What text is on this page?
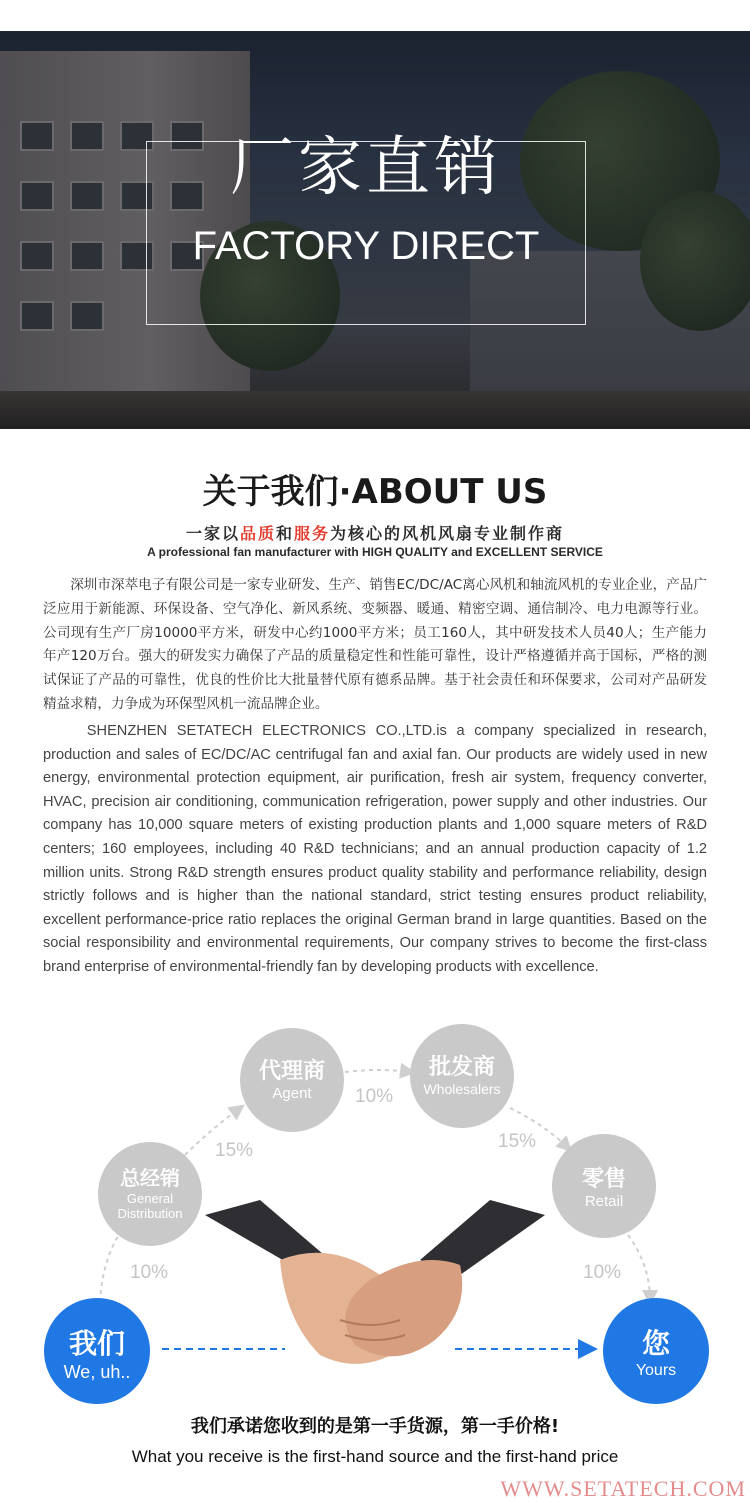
厂家直销
FACTORY DIRECT
关于我们·ABOUT US
一家以品质和服务为核心的风机风扇专业制作商
A professional fan manufacturer with HIGH QUALITY and EXCELLENT SERVICE

深圳市深萃电子有限公司是一家专业研发、生产、销售EC/DC/AC离心风机和轴流风机的专业企业，产品广泛应用于新能源、环保设备、空气净化、新风系统、变频器、暖通、精密空调、通信制冷、电力电源等行业。公司现有生产厂房10000平方米，研发中心约1000平方米；员工160人，其中研发技术人员40人；生产能力年产120万台。强大的研发实力确保了产品的质量稳定性和性能可靠性，设计严格遵循并高于国标，严格的测试保证了产品的可靠性，优良的性价比大批量替代原有德系品牌。基于社会责任和环保要求，公司对产品研发精益求精，力争成为环保型风机一流品牌企业。

SHENZHEN SETATECH ELECTRONICS CO.,LTD.is a company specialized in research, production and sales of EC/DC/AC centrifugal fan and axial fan. Our products are widely used in new energy, environmental protection equipment, air purification, fresh air system, frequency converter, HVAC, precision air conditioning, communication refrigeration, power supply and other industries. Our company has 10,000 square meters of existing production plants and 1,000 square meters of R&D centers; 160 employees, including 40 R&D technicians; and an annual production capacity of 1.2 million units. Strong R&D strength ensures product quality stability and performance reliability, design strictly follows and is higher than the national standard, strict testing ensures product reliability, excellent performance-price ratio replaces the original German brand in large quantities. Based on the social responsibility and environmental requirements, Our company strives to become the first-class brand enterprise of environmental-friendly fan by developing products with excellence.

10%
15%
10%
15%
10%
代理商
Agent
批发商
Wholesalers
总经销
General Distribution
零售
Retail
我们
We, uh..
您
Yours
我们承诺您收到的是第一手货源，第一手价格!
What you receive is the first-hand source and the first-hand price
WWW.SETATECH.COM
